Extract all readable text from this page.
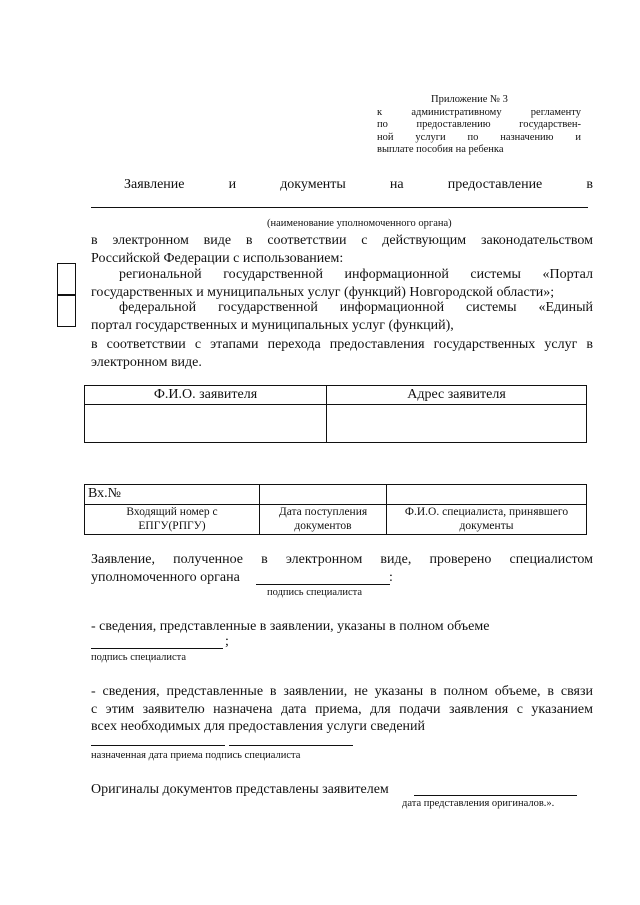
Приложение № 3
к административному регламенту
по предоставлению государствен-
ной услуги по назначению и
выплате пособия на ребенка
Заявление	и	документы	на	предоставление	в
(наименование уполномоченного органа)
в электронном виде в соответствии с действующим законодательством
Российской Федерации с использованием:
региональной государственной информационной системы «Портал
государственных и муниципальных услуг (функций) Новгородской области»;
федеральной государственной информационной системы «Единый
портал государственных и муниципальных услуг (функций),
в соответствии с этапами перехода предоставления государственных услуг в
электронном виде.
Ф.И.О. заявителя	Адрес заявителя

Вх.№		
Входящий номер с ЕПГУ(РПГУ)	Дата поступления документов	Ф.И.О. специалиста, принявшего документы
Заявление, полученное в электронном виде, проверено специалистом
уполномоченного органа	:
подпись специалиста
- сведения, представленные в заявлении, указаны в полном объеме
;
подпись специалиста
- сведения, представленные в заявлении, не указаны в полном объеме, в связи
с этим заявителю назначена дата приема, для подачи заявления с указанием
всех необходимых для предоставления услуги сведений
назначенная дата приема подпись специалиста
Оригиналы документов представлены заявителем
дата представления оригиналов.».
